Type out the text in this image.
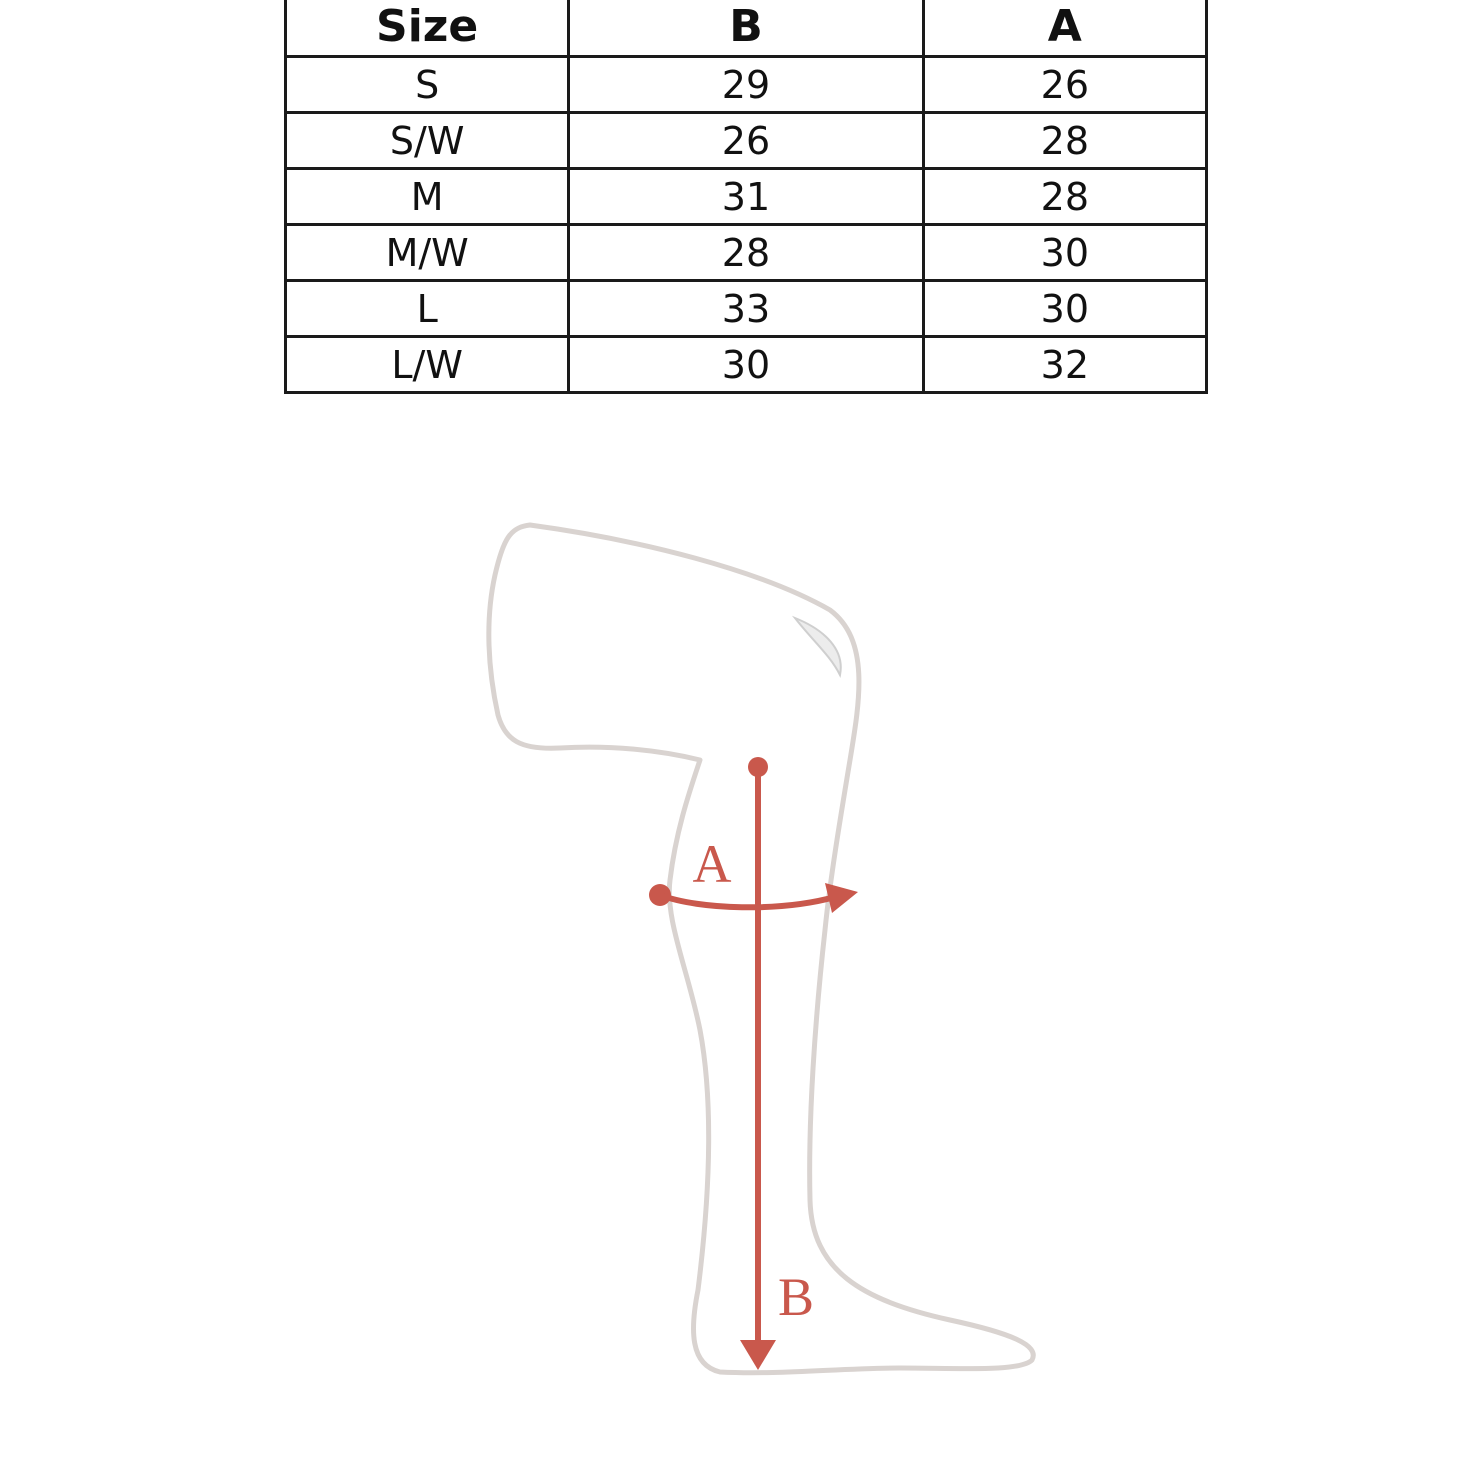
Size	B	A
S	29	26
S/W	26	28
M	31	28
M/W	28	30
L	33	30
L/W	30	32
A
B
